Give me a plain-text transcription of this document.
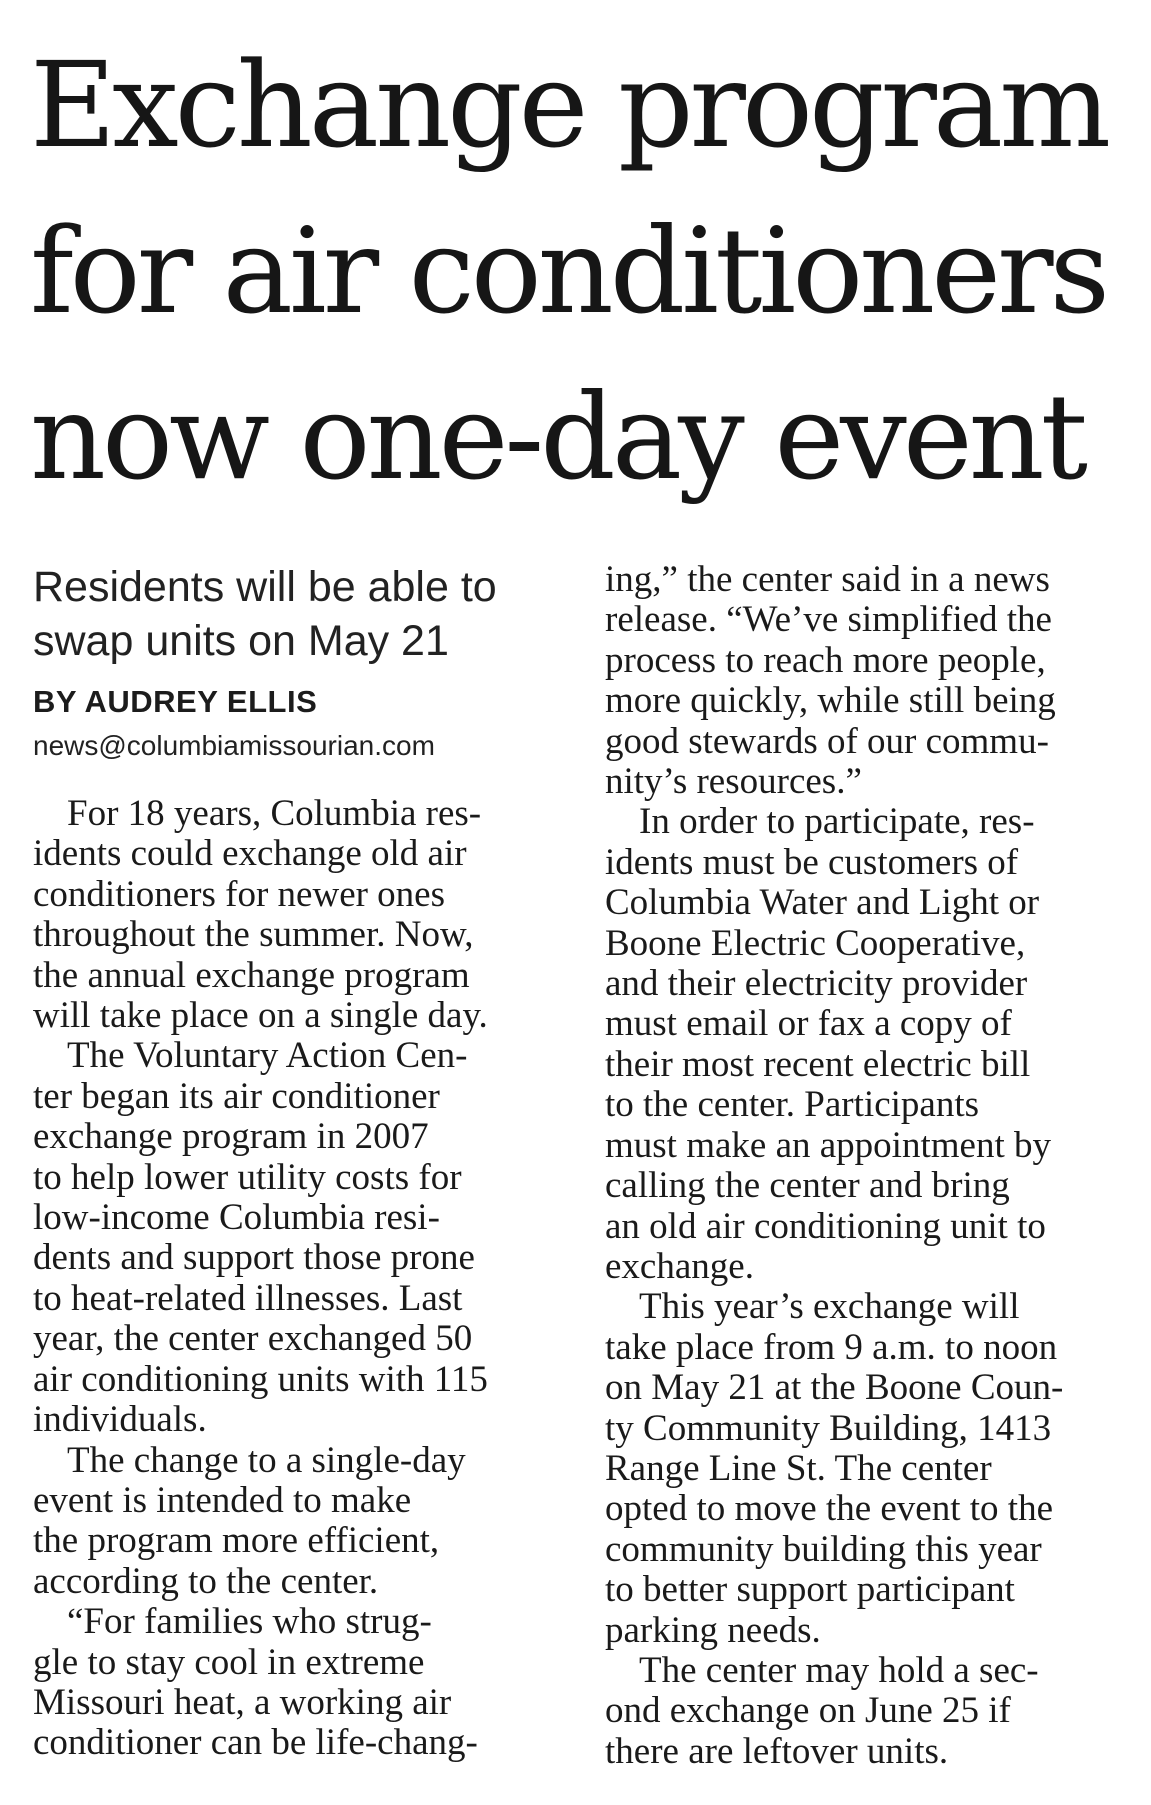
Exchange program
for air conditioners
now one-day event

Residents will be able to
swap units on May 21

BY AUDREY ELLIS

news@columbiamissourian.com

For 18 years, Columbia res-
idents could exchange old air
conditioners for newer ones
throughout the summer. Now,
the annual exchange program
will take place on a single day.
The Voluntary Action Cen-
ter began its air conditioner
exchange program in 2007
to help lower utility costs for
low-income Columbia resi-
dents and support those prone
to heat-related illnesses. Last
year, the center exchanged 50
air conditioning units with 115
individuals.
The change to a single-day
event is intended to make
the program more efficient,
according to the center.
“For families who strug-
gle to stay cool in extreme
Missouri heat, a working air
conditioner can be life-chang-
ing,” the center said in a news
release. “We’ve simplified the
process to reach more people,
more quickly, while still being
good stewards of our commu-
nity’s resources.”
In order to participate, res-
idents must be customers of
Columbia Water and Light or
Boone Electric Cooperative,
and their electricity provider
must email or fax a copy of
their most recent electric bill
to the center. Participants
must make an appointment by
calling the center and bring
an old air conditioning unit to
exchange.
This year’s exchange will
take place from 9 a.m. to noon
on May 21 at the Boone Coun-
ty Community Building, 1413
Range Line St. The center
opted to move the event to the
community building this year
to better support participant
parking needs.
The center may hold a sec-
ond exchange on June 25 if
there are leftover units.
